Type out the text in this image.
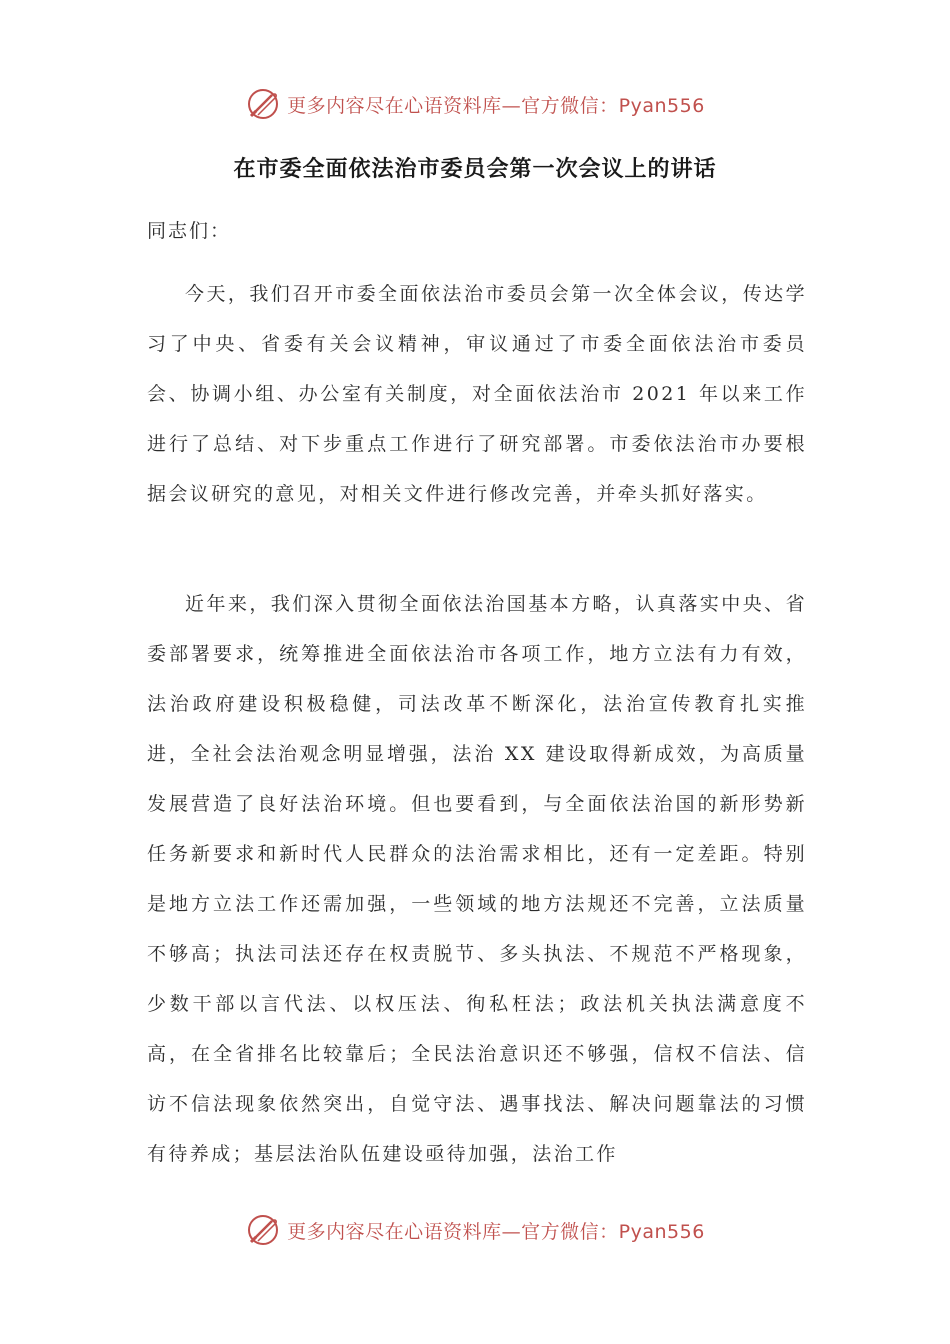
更多内容尽在心语资料库—官方微信：Pyan556
在市委全面依法治市委员会第一次会议上的讲话
同志们：

今天，我们召开市委全面依法治市委员会第一次全体会议，传达学习了中央、省委有关会议精神，审议通过了市委全面依法治市委员会、协调小组、办公室有关制度，对全面依法治市 2021 年以来工作进行了总结、对下步重点工作进行了研究部署。市委依法治市办要根据会议研究的意见，对相关文件进行修改完善，并牵头抓好落实。

近年来，我们深入贯彻全面依法治国基本方略，认真落实中央、省委部署要求，统筹推进全面依法治市各项工作，地方立法有力有效，法治政府建设积极稳健，司法改革不断深化，法治宣传教育扎实推进，全社会法治观念明显增强，法治 XX 建设取得新成效，为高质量发展营造了良好法治环境。但也要看到，与全面依法治国的新形势新任务新要求和新时代人民群众的法治需求相比，还有一定差距。特别是地方立法工作还需加强，一些领域的地方法规还不完善，立法质量不够高；执法司法还存在权责脱节、多头执法、不规范不严格现象，少数干部以言代法、以权压法、徇私枉法；政法机关执法满意度不高，在全省排名比较靠后；全民法治意识还不够强，信权不信法、信访不信法现象依然突出，自觉守法、遇事找法、解决问题靠法的习惯有待养成；基层法治队伍建设亟待加强，法治工作

更多内容尽在心语资料库—官方微信：Pyan556
